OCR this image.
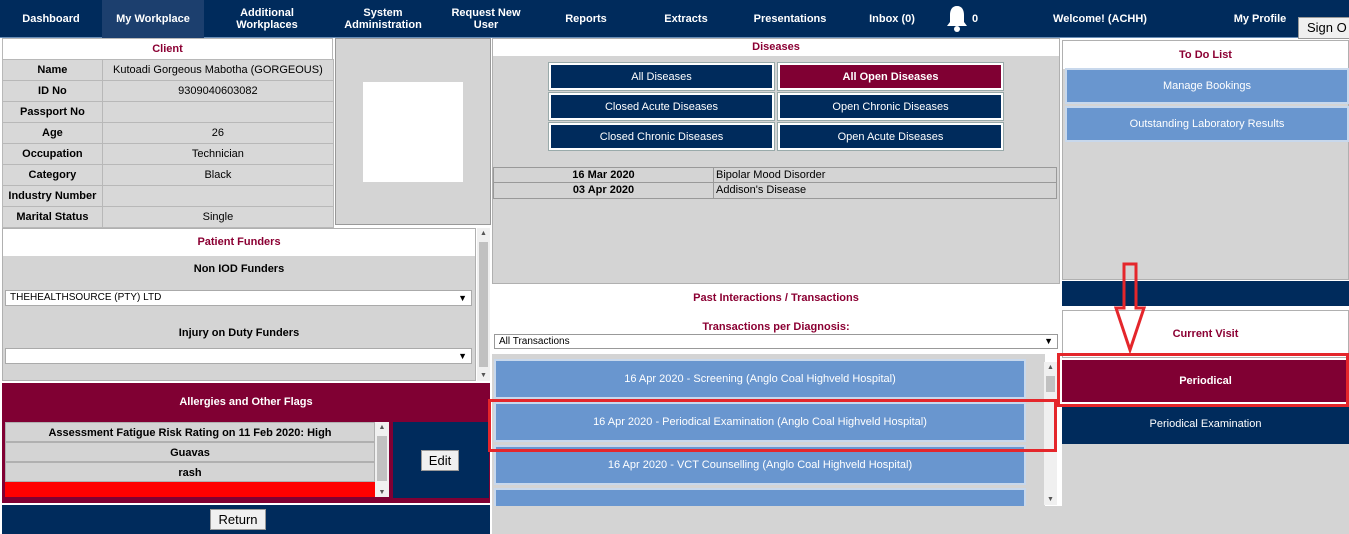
Dashboard	My Workplace	Additional Workplaces
System Administration
Request New User	Reports	Extracts	Presentations	Inbox (0)	0	Welcome! (ACHH)	My Profile
Sign O
Client
Name	Kutoadi Gorgeous Mabotha (GORGEOUS)
ID No	9309040603082
Passport No	
Age	26
Occupation	Technician
Category	Black
Industry Number	
Marital Status	Single
Patient Funders
Non IOD Funders
THEHEALTHSOURCE (PTY) LTD	▼
Injury on Duty Funders
▼
▲
▼
Allergies and Other Flags
Assessment Fatigue Risk Rating on 11 Feb 2020: High
Guavas
rash
▲
▼
Edit
Return
Diseases
All Diseases	All Open Diseases
Closed Acute Diseases	Open Chronic Diseases
Closed Chronic Diseases	Open Acute Diseases
16 Mar 2020	Bipolar Mood Disorder
03 Apr 2020	Addison's Disease
Past Interactions / Transactions
Transactions per Diagnosis:
All Transactions	▼
16 Apr 2020 - Screening (Anglo Coal Highveld Hospital)
16 Apr 2020 - Periodical Examination (Anglo Coal Highveld Hospital)
16 Apr 2020 - VCT Counselling (Anglo Coal Highveld Hospital)
▲
▼
To Do List
Manage Bookings
Outstanding Laboratory Results
Current Visit
Periodical
Periodical Examination
